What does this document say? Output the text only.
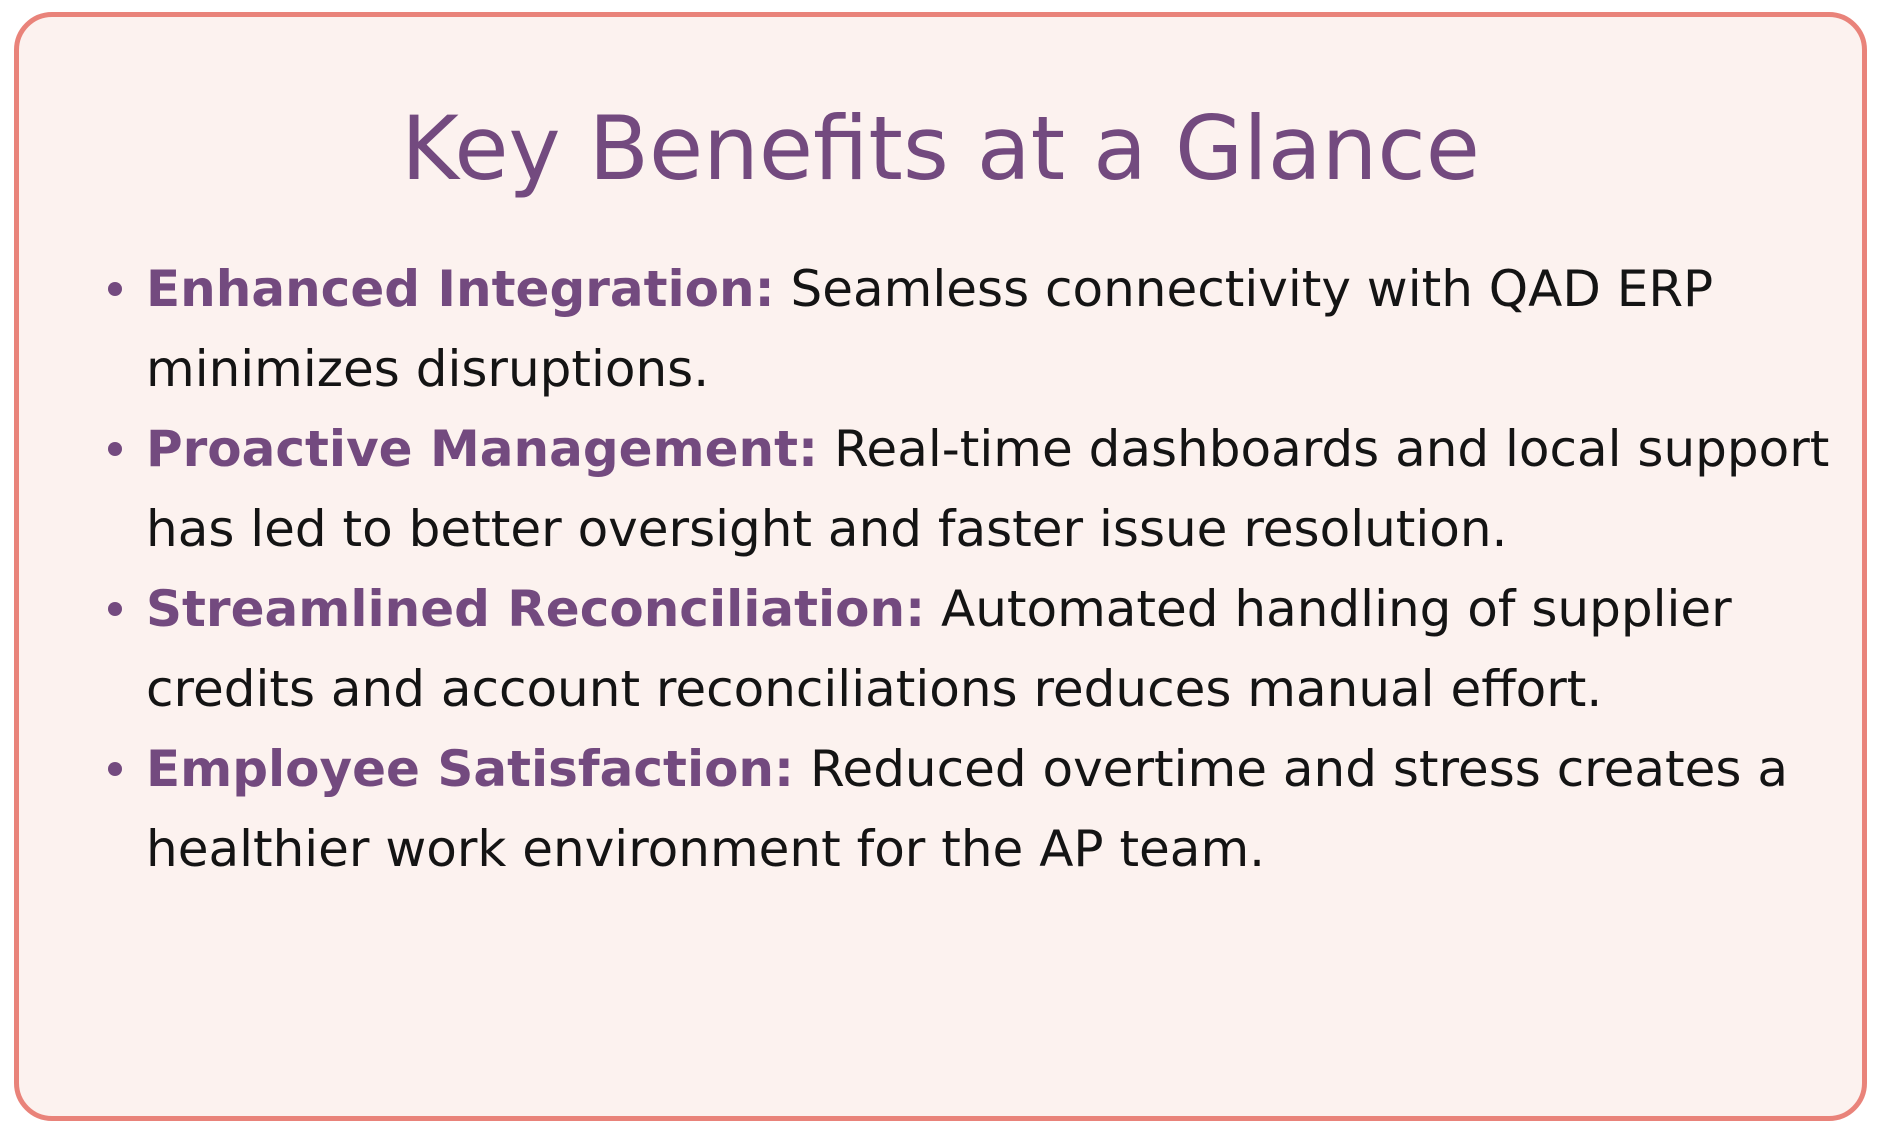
Key Benefits at a Glance
Enhanced Integration: Seamless connectivity with QAD ERP minimizes disruptions.
Proactive Management: Real-time dashboards and local support has led to better oversight and faster issue resolution.
Streamlined Reconciliation: Automated handling of supplier credits and account reconciliations reduces manual effort.
Employee Satisfaction: Reduced overtime and stress creates a healthier work environment for the AP team.
